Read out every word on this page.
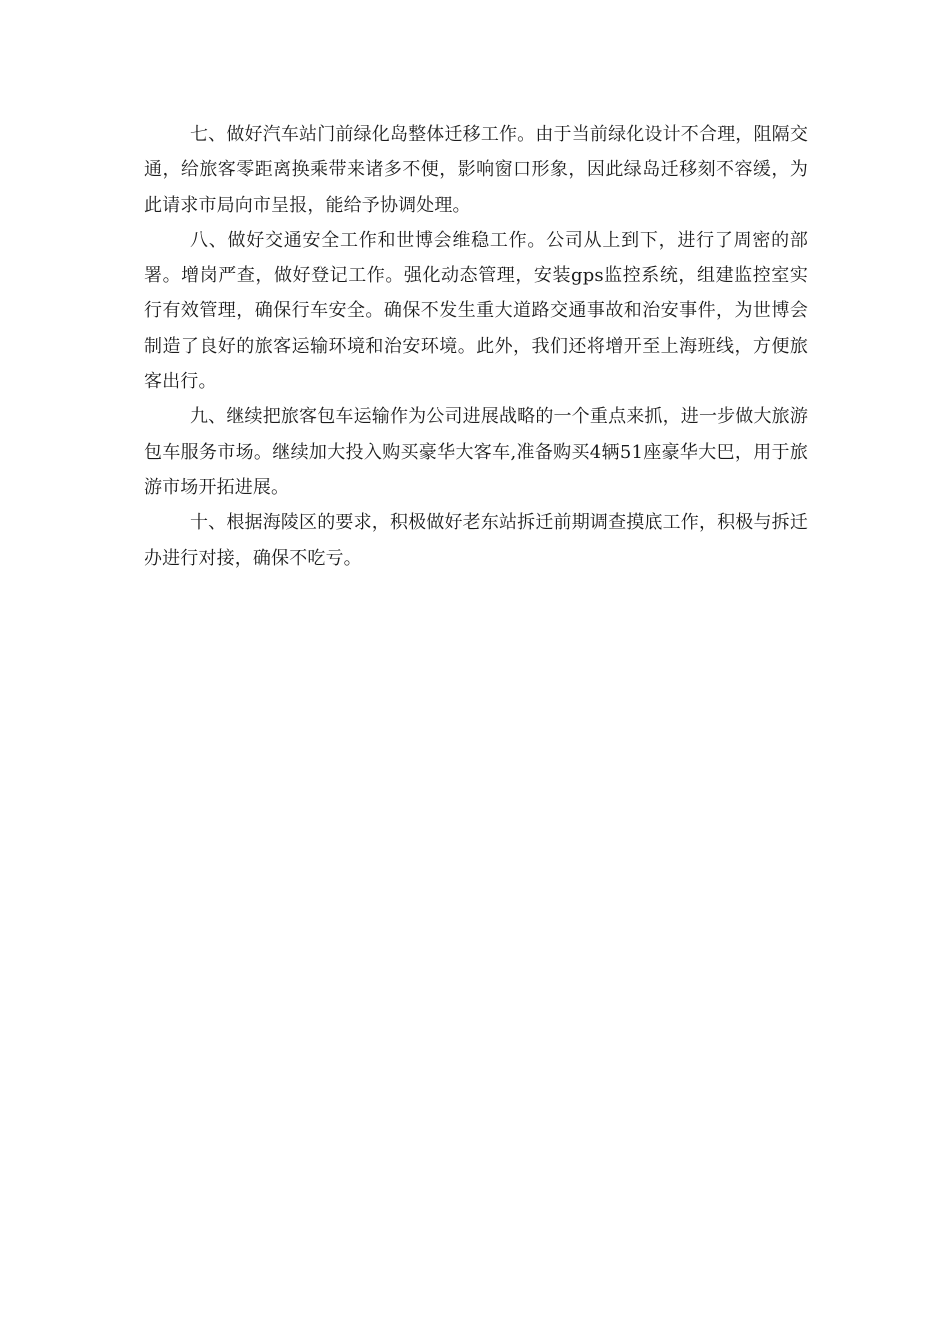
七、做好汽车站门前绿化岛整体迁移工作。由于当前绿化设计不合理，阻隔交通，给旅客零距离换乘带来诸多不便，影响窗口形象，因此绿岛迁移刻不容缓，为此请求市局向市呈报，能给予协调处理。

八、做好交通安全工作和世博会维稳工作。公司从上到下，进行了周密的部署。增岗严查，做好登记工作。强化动态管理，安装gps监控系统，组建监控室实行有效管理，确保行车安全。确保不发生重大道路交通事故和治安事件，为世博会制造了良好的旅客运输环境和治安环境。此外，我们还将增开至上海班线，方便旅客出行。

九、继续把旅客包车运输作为公司进展战略的一个重点来抓，进一步做大旅游包车服务市场。继续加大投入购买豪华大客车,准备购买4辆51座豪华大巴，用于旅游市场开拓进展。

十、根据海陵区的要求，积极做好老东站拆迁前期调查摸底工作，积极与拆迁办进行对接，确保不吃亏。
